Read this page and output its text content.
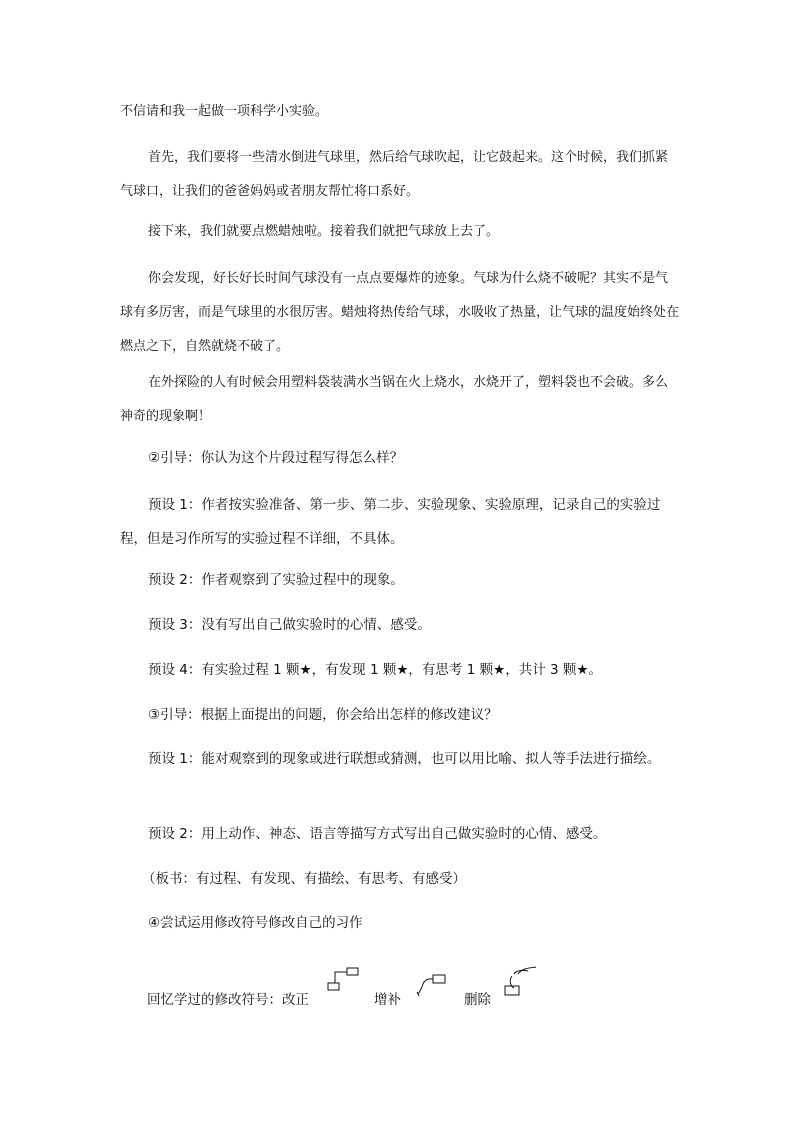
不信请和我一起做一项科学小实验。

首先，我们要将一些清水倒进气球里，然后给气球吹起，让它鼓起来。这个时候，我们抓紧气球口，让我们的爸爸妈妈或者朋友帮忙将口系好。

接下来，我们就要点燃蜡烛啦。接着我们就把气球放上去了。

你会发现，好长好长时间气球没有一点点要爆炸的迹象。气球为什么烧不破呢？其实不是气球有多厉害，而是气球里的水很厉害。蜡烛将热传给气球，水吸收了热量，让气球的温度始终处在燃点之下，自然就烧不破了。

在外探险的人有时候会用塑料袋装满水当锅在火上烧水，水烧开了，塑料袋也不会破。多么神奇的现象啊！

②引导：你认为这个片段过程写得怎么样？

预设 1：作者按实验准备、第一步、第二步、实验现象、实验原理，记录自己的实验过程，但是习作所写的实验过程不详细，不具体。

预设 2：作者观察到了实验过程中的现象。

预设 3：没有写出自己做实验时的心情、感受。

预设 4：有实验过程 1 颗★，有发现 1 颗★，有思考 1 颗★，共计 3 颗★。

③引导：根据上面提出的问题，你会给出怎样的修改建议？

预设 1：能对观察到的现象或进行联想或猜测，也可以用比喻、拟人等手法进行描绘。

预设 2：用上动作、神态、语言等描写方式写出自己做实验时的心情、感受。

（板书：有过程、有发现、有描绘、有思考、有感受）

④尝试运用修改符号修改自己的习作

回忆学过的修改符号：改正	增补	删除
